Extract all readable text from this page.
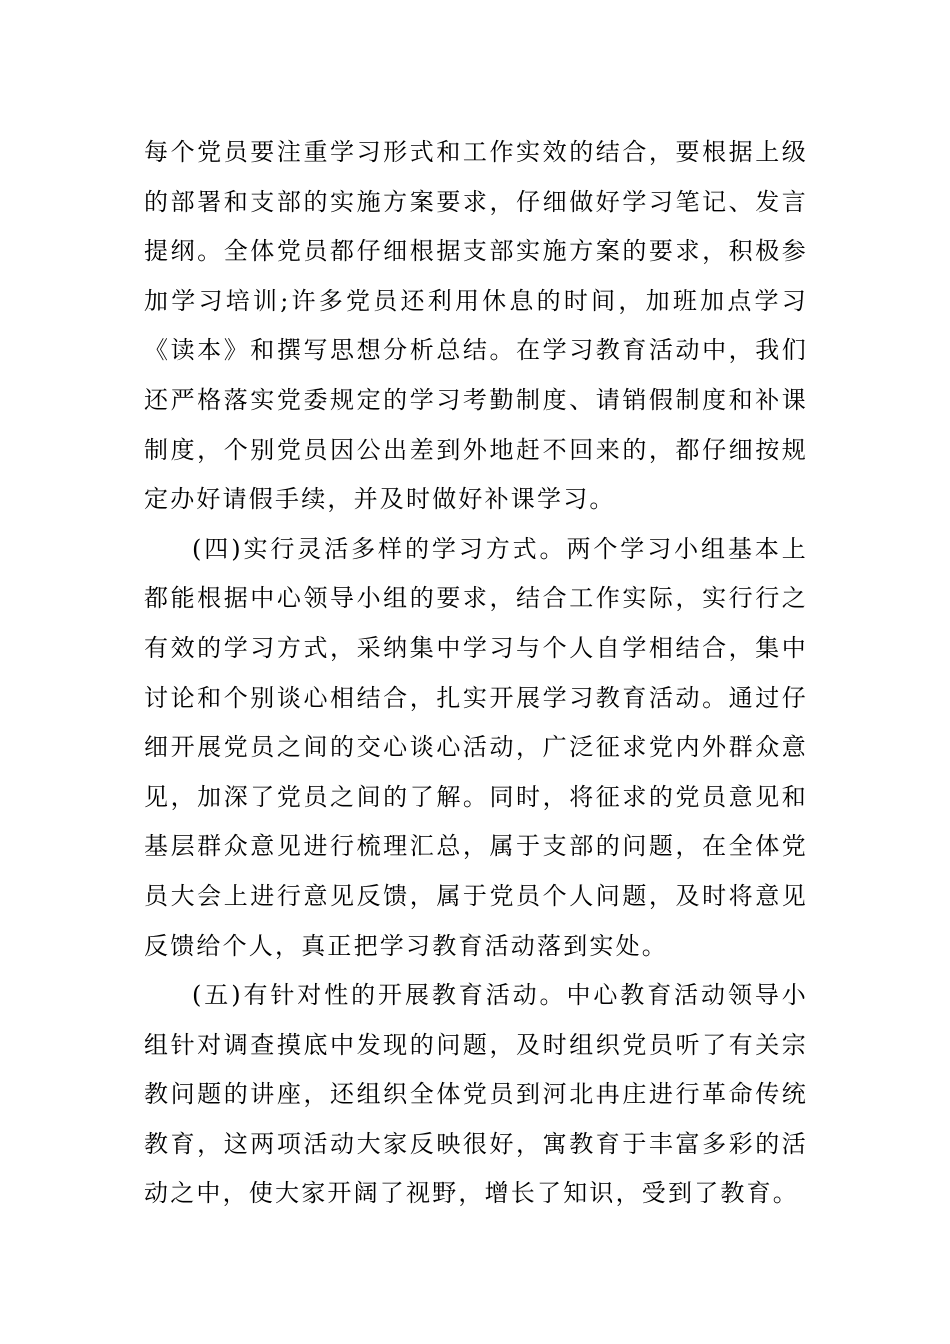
每个党员要注重学习形式和工作实效的结合，要根据上级的部署和支部的实施方案要求，仔细做好学习笔记、发言提纲。全体党员都仔细根据支部实施方案的要求，积极参加学习培训;许多党员还利用休息的时间，加班加点学习《读本》和撰写思想分析总结。在学习教育活动中，我们还严格落实党委规定的学习考勤制度、请销假制度和补课制度，个别党员因公出差到外地赶不回来的，都仔细按规定办好请假手续，并及时做好补课学习。

(四)实行灵活多样的学习方式。两个学习小组基本上都能根据中心领导小组的要求，结合工作实际，实行行之有效的学习方式，采纳集中学习与个人自学相结合，集中讨论和个别谈心相结合，扎实开展学习教育活动。通过仔细开展党员之间的交心谈心活动，广泛征求党内外群众意见，加深了党员之间的了解。同时，将征求的党员意见和基层群众意见进行梳理汇总，属于支部的问题，在全体党员大会上进行意见反馈，属于党员个人问题，及时将意见反馈给个人，真正把学习教育活动落到实处。

(五)有针对性的开展教育活动。中心教育活动领导小组针对调查摸底中发现的问题，及时组织党员听了有关宗教问题的讲座，还组织全体党员到河北冉庄进行革命传统教育，这两项活动大家反映很好，寓教育于丰富多彩的活动之中，使大家开阔了视野，增长了知识，受到了教育。
